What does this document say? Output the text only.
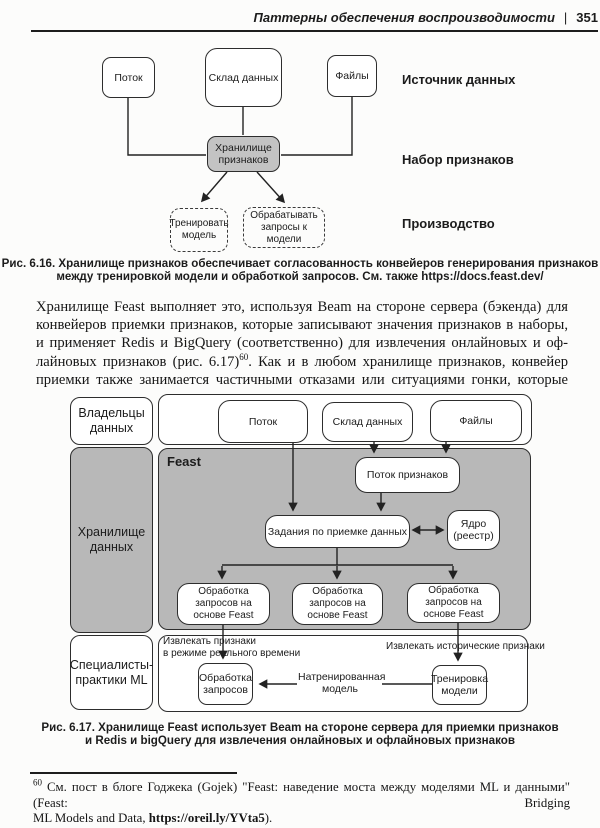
Паттерны обеспечения воспроизводимости | 351
Поток	Склад данных	Файлы
Хранилище признаков
Тренировать модель
Обрабатывать запросы к модели
Источник данных
Набор признаков
Производство
Рис. 6.16. Хранилище признаков обеспечивает согласованность конвейеров генерирования признаков
между тренировкой модели и обработкой запросов. См. также https://docs.feast.dev/
Хранилище Feast выполняет это, используя Beam на стороне сервера (бэкенда) для
конвейеров приемки признаков, которые записывают значения признаков в наборы,
и применяет Redis и BigQuery (соответственно) для извлечения онлайновых и оф-
лайновых признаков (рис. 6.17)$^{60}$. Как и в любом хранилище признаков, конвейер
приемки также занимается частичными отказами или ситуациями гонки, которые
Владельцы данных
Хранилище данных
Специалисты-практики ML
Feast
Поток	Склад данных	Файлы
Поток признаков
Задания по приемке данных
Ядро (реестр)
Обработка запросов на основе Feast
Обработка запросов на основе Feast
Обработка запросов на основе Feast
Обработка запросов
Тренировка модели
Извлекать признаки
в режиме реального времени
Извлекать исторические признаки
Натренированная модель
Рис. 6.17. Хранилище Feast использует Beam на стороне сервера для приемки признаков
и Redis и bigQuery для извлечения онлайновых и офлайновых признаков
$^{60}$ См. пост в блоге Годжека (Gojek) "Feast: наведение моста между моделями ML и данными" (Feast: Bridging
ML Models and Data, https://oreil.ly/YVta5).
